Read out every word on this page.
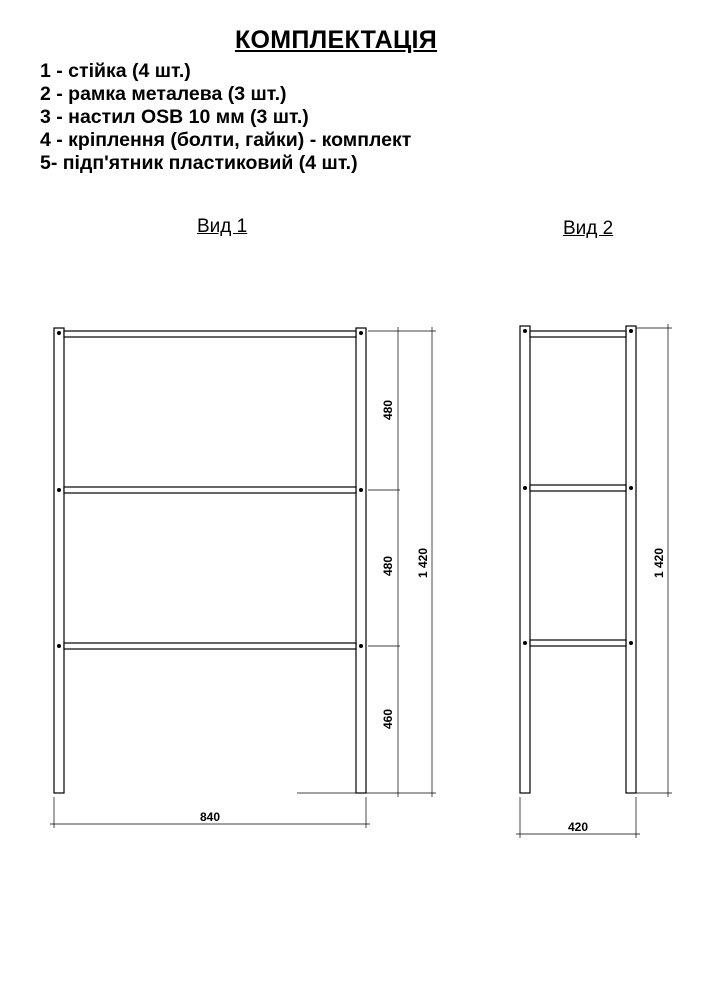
КОМПЛЕКТАЦІЯ
1 - стійка (4 шт.)
2 - рамка металева (3 шт.)
3 - настил OSB 10 мм (3 шт.)
4 - кріплення (болти, гайки) - комплект
5- підп'ятник пластиковий (4 шт.)
Вид 1	Вид 2
480
480
460
1 420
840
1 420
420
